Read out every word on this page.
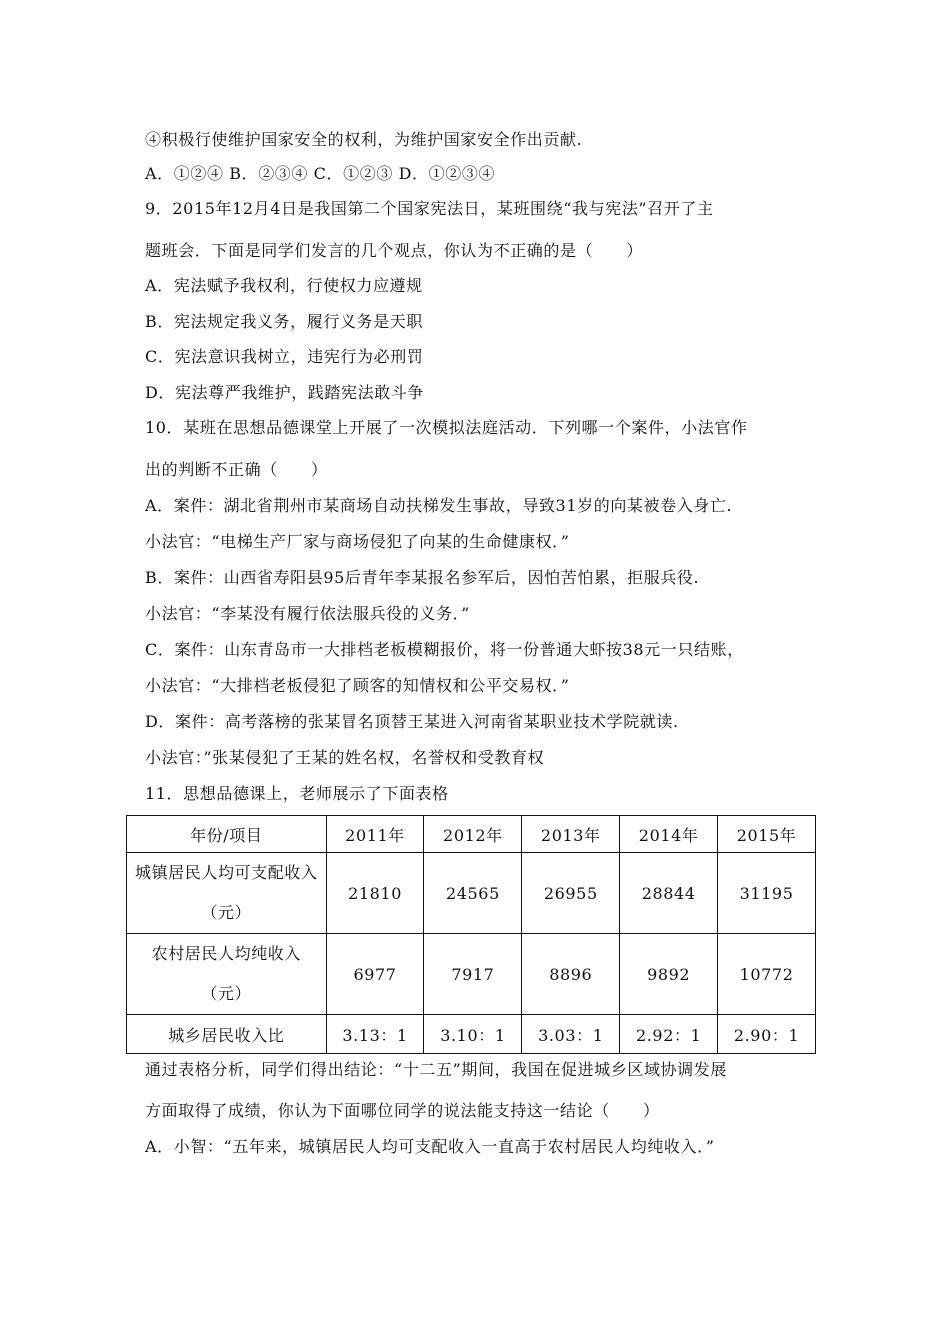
④积极行使维护国家安全的权利，为维护国家安全作出贡献.
A．①②④ B．②③④ C．①②③ D．①②③④
9．2015年12月4日是我国第二个国家宪法日，某班围绕“我与宪法”召开了主
题班会．下面是同学们发言的几个观点，你认为不正确的是（　　）
A．宪法赋予我权利，行使权力应遵规
B．宪法规定我义务，履行义务是天职
C．宪法意识我树立，违宪行为必刑罚
D．宪法尊严我维护，践踏宪法敢斗争
10．某班在思想品德课堂上开展了一次模拟法庭活动．下列哪一个案件，小法官作
出的判断不正确（　　）
A．案件：湖北省荆州市某商场自动扶梯发生事故，导致31岁的向某被卷入身亡.
小法官：“电梯生产厂家与商场侵犯了向某的生命健康权．”
B．案件：山西省寿阳县95后青年李某报名参军后，因怕苦怕累，拒服兵役.
小法官：“李某没有履行依法服兵役的义务．”
C．案件：山东青岛市一大排档老板模糊报价，将一份普通大虾按38元一只结账，
小法官：“大排档老板侵犯了顾客的知情权和公平交易权．”
D．案件：高考落榜的张某冒名顶替王某进入河南省某职业技术学院就读.
小法官：”张某侵犯了王某的姓名权，名誉权和受教育权
11．思想品德课上，老师展示了下面表格
年份/项目	2011年	2012年	2013年	2014年	2015年

城镇居民人均可支配收入（元）	21810	24565	26955	28844	31195

农村居民人均纯收入（元）	6977	7917	8896	9892	10772
城乡居民收入比	3.13：1	3.10：1	3.03：1	2.92：1	2.90：1
通过表格分析，同学们得出结论：“十二五”期间，我国在促进城乡区域协调发展
方面取得了成绩，你认为下面哪位同学的说法能支持这一结论（　　）
A．小智：“五年来，城镇居民人均可支配收入一直高于农村居民人均纯收入．”
